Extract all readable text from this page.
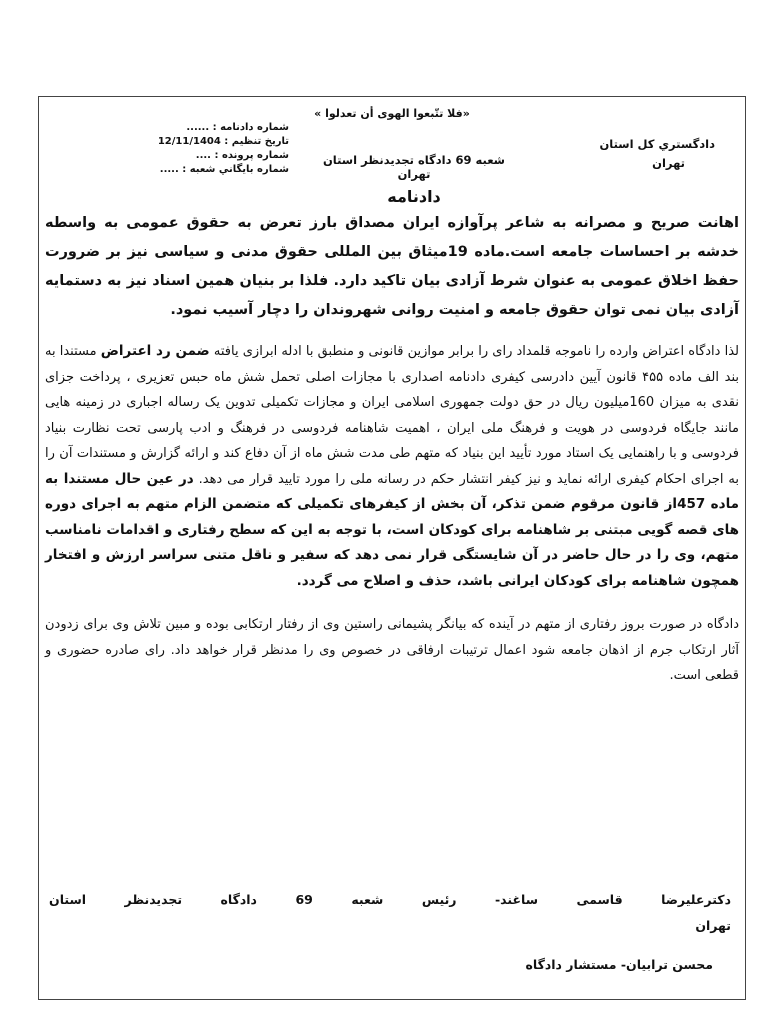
«فلا تتّبعوا الهوی أن تعدلوا »
دادگستري كل استان
تهران
شعبه 69 دادگاه تجدیدنظر استان تهران
دادنامه
شماره دادنامه : ......
تاريخ تنظيم : 12/11/1404
شماره پرونده : ....
شماره بايگاني شعبه : .....

اهانت صریح و مصرانه به شاعر پرآوازه ایران مصداق بارز تعرض به حقوق عمومی به واسطه خدشه بر احساسات جامعه است.ماده 19میثاق بین المللی حقوق مدنی و سیاسی نیز بر ضرورت حفظ اخلاق عمومی به عنوان شرط آزادی بیان تاکید دارد. فلذا بر بنیان همین اسناد نیز به دستمایه آزادی بیان نمی توان حقوق جامعه و امنیت روانی شهروندان را دچار آسیب نمود.

لذا دادگاه اعتراض وارده را ناموجه قلمداد رای را برابر موازین قانونی و منطبق با ادله ابرازی یافته ضمن رد اعتراض مستندا به بند الف ماده ۴۵۵ قانون آیین دادرسی کیفری دادنامه اصداری با مجازات اصلی تحمل شش ماه حبس تعزیری ، پرداخت جزای نقدی به میزان 160میلیون ریال در حق دولت جمهوری اسلامی ایران و مجازات تکمیلی تدوین یک رساله اجباری در زمینه هایی مانند جایگاه فردوسی در هویت و فرهنگ ملی ایران ، اهمیت شاهنامه فردوسی در فرهنگ و ادب پارسی تحت نظارت بنیاد فردوسی و با راهنمایی یک استاد مورد تأیید این بنیاد که متهم طی مدت شش ماه از آن دفاع کند و ارائه گزارش و مستندات آن را به اجرای احکام کیفری ارائه نماید و نیز کیفر انتشار حکم در رسانه ملی را مورد تایید قرار می دهد. در عین حال مستندا به ماده 457از قانون مرقوم ضمن تذکر، آن بخش از کیفرهای تکمیلی که متضمن الزام متهم به اجرای دوره های قصه گویی مبتنی بر شاهنامه برای کودکان است، با توجه به این که سطح رفتاری و اقدامات نامناسب متهم، وی را در حال حاضر در آن شایستگی قرار نمی دهد که سفیر و ناقل متنی سراسر ارزش و افتخار همچون شاهنامه برای کودکان ایرانی باشد، حذف و اصلاح می گردد.

دادگاه در صورت بروز رفتاری از متهم در آینده که بیانگر پشیمانی راستین وی از رفتار ارتکابی بوده و مبین تلاش وی برای زدودن آثار ارتکاب جرم از اذهان جامعه شود اعمال ترتیبات ارفاقی در خصوص وی را مدنظر قرار خواهد داد. رای صادره حضوری و قطعی است.

دکترعلیرضا
قاسمی
ساغند-
رئیس
شعبه
69
دادگاه
تجدیدنظر
استان
تهران
محسن ترابیان- مستشار دادگاه
